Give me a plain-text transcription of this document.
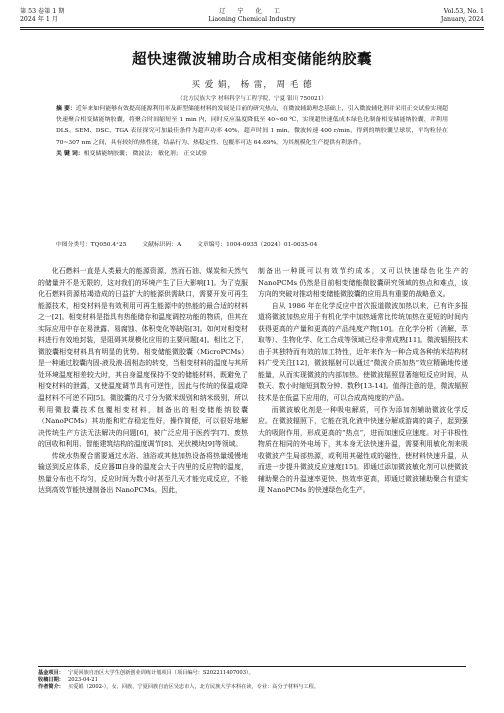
第 53 卷第 1 期
2024 年 1 月
辽 宁 化 工
Liaoning Chemical Industry
Vol.53, No. 1
January, 2024
超快速微波辅助合成相变储能纳胶囊
买 爱 娟， 杨 雷， 周 毛 德
（北方民族大学 材料科学与工程学院，宁夏 银川 750021）
摘 要：近年来如何能够有效提高能源利用率及新型储能材料的发展是目前的研究热点，在微波辅助理念基础上，引入微波辅化剂并采用正交试验实现超快速聚合相变储能纳胶囊，将聚合时间缩短至 1 min 内，同时反应温度降低至 40~60 ℃，实现超快速低成本绿色化制备相变储能纳胶囊，并利用 DLS、SEM、DSC、TGA 表征探究可加最佳条件为超声功率 40%，超声时间 1 min，微波转速 400 r/min，得到的纳胶囊呈球状，平均粒径在 70~307 nm 之间，具有较好的热性能，结晶行为、热稳定性、包覆率可达 64.69%，为其规模化生产提供有利条件。
关 键 词：相变储能纳胶囊； 微波法； 敏化剂； 正交试验
中图分类号：TQ050.4⁺25	文献标识码：A	文章编号：1004-0935（2024）01-0035-04

化石燃料一直是人类最大的能源资源，然而石油、煤炭和天然气的储量并不是无限的，这对我们的环境产生了巨大影响[1]。为了克服化石燃料资源枯竭造成的日益扩大的能源供需缺口，需要开发可再生能源技术，相变材料是有效利用可再生能源中的热能的最合适的材料之一[2]。相变材料是指具有热能储存和温度调控功能的物质，但其在实际应用中存在易泄露、易腐蚀、体积变化等缺陷[3]。如何对相变材料进行有效地封装，是阻碍其规模化应用的主要问题[4]。相比之下，微胶囊相变材料具有明显的优势。相变储能微胶囊（MicroPCMs）是一种通过胶囊内固-液及液-固相态的转变，当相变材料的温度与其所处环境温度相差较大时，其自身温度保持不变的储能材料，既避免了相变材料的泄露，又使温度调节具有可逆性，因此与传统的保温或降温材料不可逆不同[5]。微胶囊的尺寸分为微米级别和纳米级别，所以利用微胶囊技术包覆相变材料，制备出的相变储能纳胶囊（NanoPCMs）其功能和贮存稳定性好，操作简便，可以很好地解决传统生产方法无法解决的问题[6]，被广泛应用于医药学[7]、废热的回收和利用、智能建筑结构的温度调节[8]、光伏模块[9]等领域。

传统水热聚合需要通过水浴、油浴或其他加热设备将热量缓慢地输送到反应体系，反应器Ⅲ自身的温度会大于内里的反应物的温度，热量分布也不均匀，反应时间为数小时甚至几天才能完成反应，不能达到高效节能快速制备出 NanoPCMs。因此，

制备出一种既可以有效节约成本，又可以快速绿色化生产的 NanoPCMs 仍然是目前相变储能微胶囊研究领域的热点和难点，该方向的突破对推动相变储能微胶囊的应用具有重要的战略意义。

自从 1986 年在化学反应中首次报道微波加热以来，已有许多报道将微波加热应用于有机化学中加热通常比传统加热在更短的时间内获得更高的产量和更高的产品纯度产物[10]。在化学分析（消解、萃取等）、生物化学、化工合成等领域已经非常成熟[11]。微波辐照技术由于其独特而有效的加工特性，近年来作为一种合成各种纳米结构材料广受关注[12]，微波辐射可以通过“微波介质加热”效应精确地传递能量，从而实现微波的内部加热。使微波辐照显著缩短反应时间，从数天、数小时缩短到数分钟、数秒[13-14]。值得注意的是，微波辐照技术是在低温下应用的，可以合成高纯度的产品。

而微波敏化剂是一种吸电解质，可作为添加剂辅助微波化学反应。在微波辐照下，它能在乳化液中快速分解或游离的离子，起到强大的吸附作用，形成更高的“热点”，进而加速反应速度。对于非极性物质在相同的外电场下，其本身无法快速升温，需要利用敏化剂来吸收微波产生局部热源，或利用其磁性或的磁性，使材料快速升温，从而进一步提升微波反应速度[15]。即通过添加微波敏化剂可以使微波辅助聚合的升温速率更快、热效率更高，即通过微波辅助聚合有望实现 NanoPCMs 的快速绿色化生产。

基金项目： 宁夏回族自治区大学生创新创业训练计划项目（项目编号：S202211407003）。
收稿日期： 2023-04-21
作者简介： 买爱娟（2002-），女，回族，宁夏回族自治区吴忠市人，北方民族大学本科在读，专业：高分子材料与工程。
